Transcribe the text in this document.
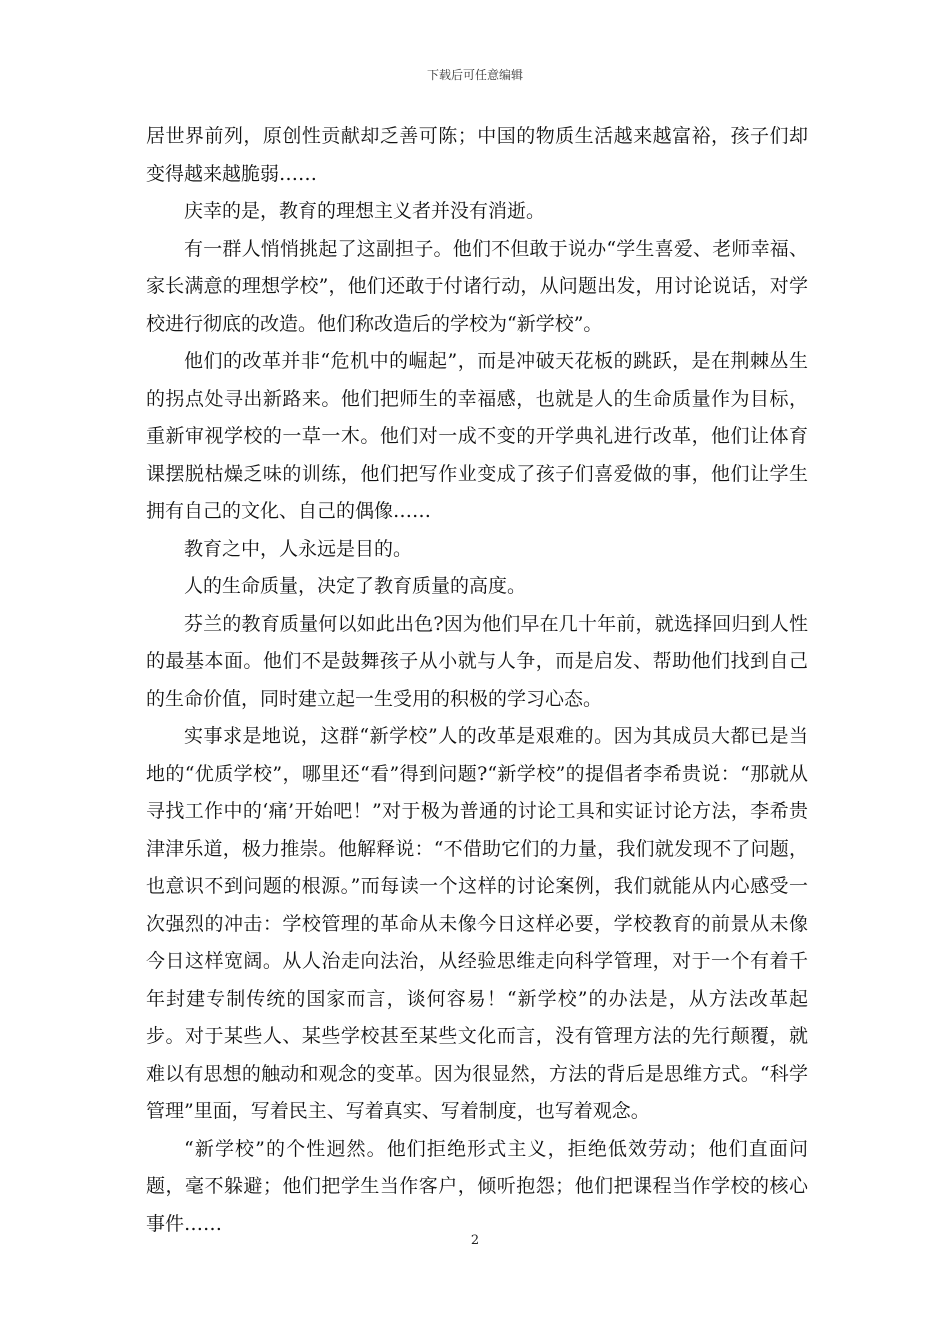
下载后可任意编辑

居世界前列，原创性贡献却乏善可陈；中国的物质生活越来越富裕，孩子们却变得越来越脆弱……

庆幸的是，教育的理想主义者并没有消逝。

有一群人悄悄挑起了这副担子。他们不但敢于说办“学生喜爱、老师幸福、家长满意的理想学校”，他们还敢于付诸行动，从问题出发，用讨论说话，对学校进行彻底的改造。他们称改造后的学校为“新学校”。

他们的改革并非“危机中的崛起”，而是冲破天花板的跳跃，是在荆棘丛生的拐点处寻出新路来。他们把师生的幸福感，也就是人的生命质量作为目标，重新审视学校的一草一木。他们对一成不变的开学典礼进行改革，他们让体育课摆脱枯燥乏味的训练，他们把写作业变成了孩子们喜爱做的事，他们让学生拥有自己的文化、自己的偶像……

教育之中，人永远是目的。

人的生命质量，决定了教育质量的高度。

芬兰的教育质量何以如此出色?因为他们早在几十年前，就选择回归到人性的最基本面。他们不是鼓舞孩子从小就与人争，而是启发、帮助他们找到自己的生命价值，同时建立起一生受用的积极的学习心态。

实事求是地说，这群“新学校”人的改革是艰难的。因为其成员大都已是当地的“优质学校”，哪里还“看”得到问题?“新学校”的提倡者李希贵说：“那就从寻找工作中的‘痛’开始吧！”对于极为普通的讨论工具和实证讨论方法，李希贵津津乐道，极力推崇。他解释说：“不借助它们的力量，我们就发现不了问题，也意识不到问题的根源。”而每读一个这样的讨论案例，我们就能从内心感受一次强烈的冲击：学校管理的革命从未像今日这样必要，学校教育的前景从未像今日这样宽阔。从人治走向法治，从经验思维走向科学管理，对于一个有着千年封建专制传统的国家而言，谈何容易！“新学校”的办法是，从方法改革起步。对于某些人、某些学校甚至某些文化而言，没有管理方法的先行颠覆，就难以有思想的触动和观念的变革。因为很显然，方法的背后是思维方式。“科学管理”里面，写着民主、写着真实、写着制度，也写着观念。

“新学校”的个性迥然。他们拒绝形式主义，拒绝低效劳动；他们直面问题，毫不躲避；他们把学生当作客户，倾听抱怨；他们把课程当作学校的核心事件……

2
